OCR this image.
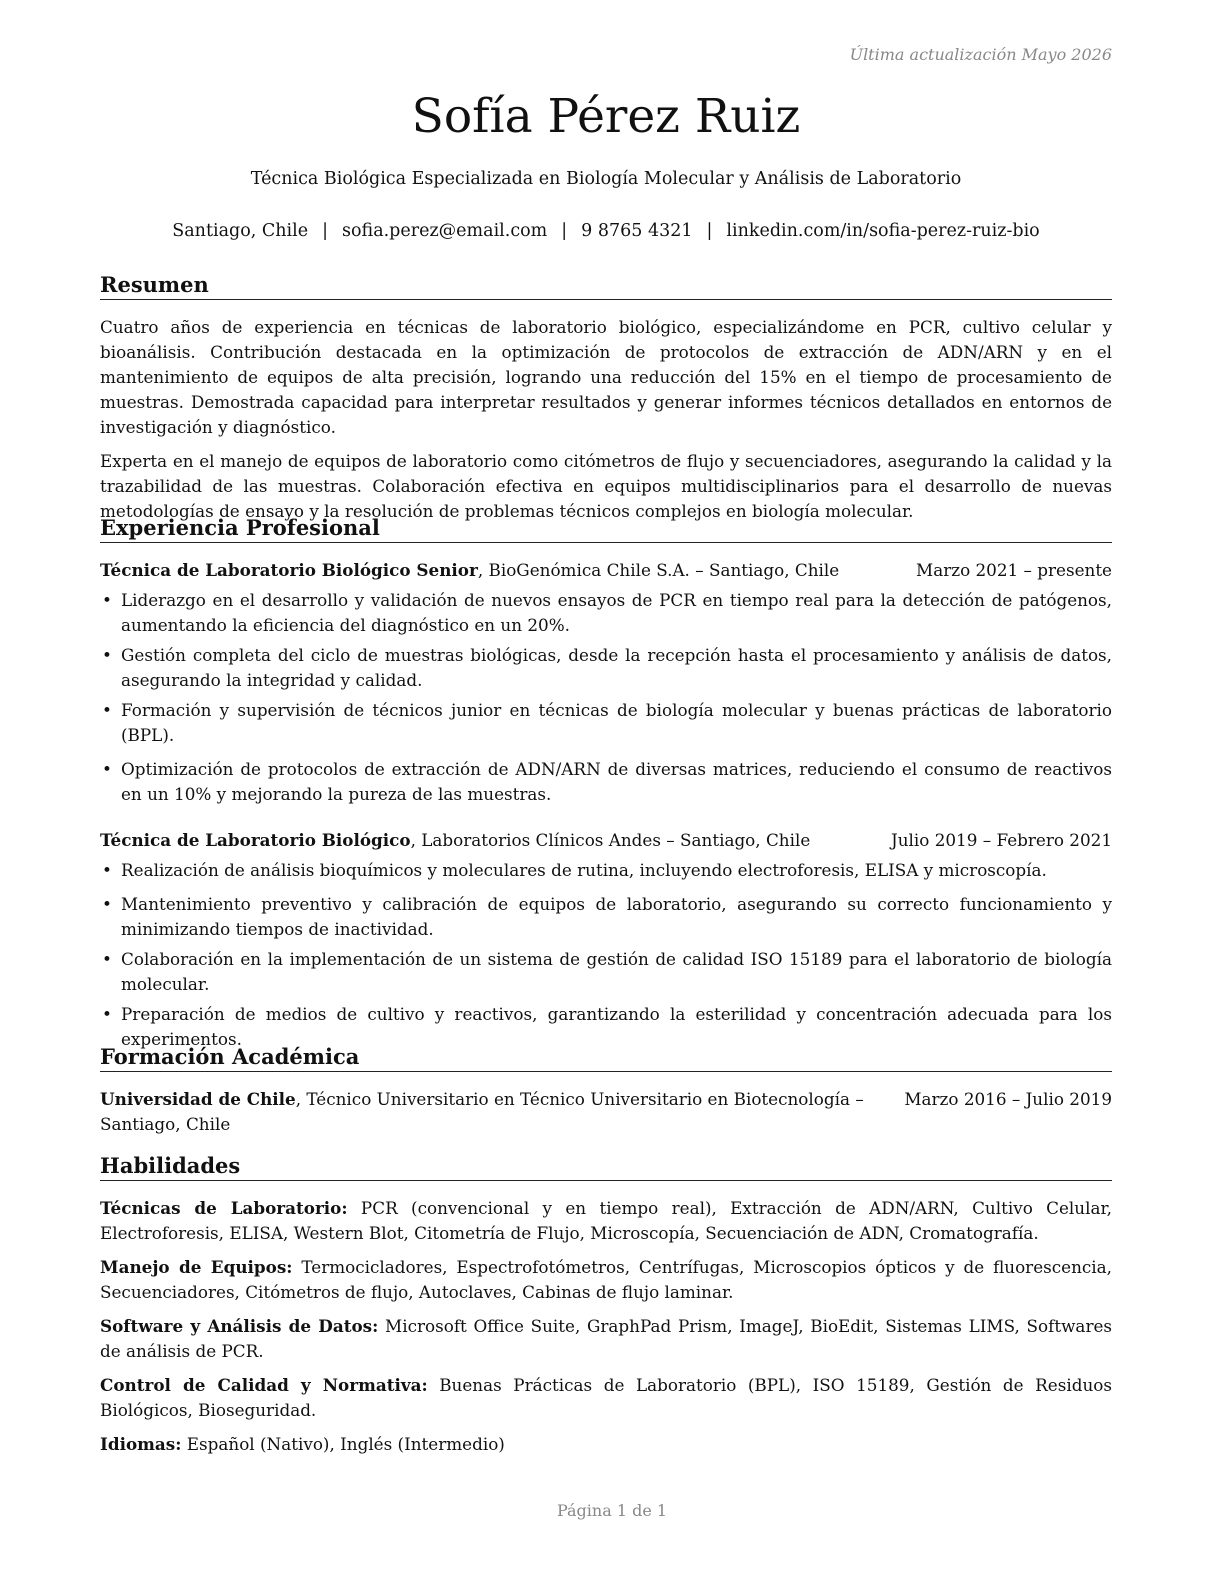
Última actualización Mayo 2026
Sofía Pérez Ruiz
Técnica Biológica Especializada en Biología Molecular y Análisis de Laboratorio
Santiago, Chile | sofia.perez@email.com | 9 8765 4321 | linkedin.com/in/sofia-perez-ruiz-bio
Resumen

Cuatro años de experiencia en técnicas de laboratorio biológico, especializándome en PCR, cultivo celular y bioanálisis. Contribución destacada en la optimización de protocolos de extracción de ADN/ARN y en el mantenimiento de equipos de alta precisión, logrando una reducción del 15% en el tiempo de procesamiento de muestras. Demostrada capacidad para interpretar resultados y generar informes técnicos detallados en entornos de investigación y diagnóstico.

Experta en el manejo de equipos de laboratorio como citómetros de flujo y secuenciadores, asegurando la calidad y la trazabilidad de las muestras. Colaboración efectiva en equipos multidisciplinarios para el desarrollo de nuevas metodologías de ensayo y la resolución de problemas técnicos complejos en biología molecular.

Experiencia Profesional
Técnica de Laboratorio Biológico Senior, BioGenómica Chile S.A. – Santiago, Chile	Marzo 2021 – presente
• Liderazgo en el desarrollo y validación de nuevos ensayos de PCR en tiempo real para la detección de patógenos, aumentando la eficiencia del diagnóstico en un 20%.
• Gestión completa del ciclo de muestras biológicas, desde la recepción hasta el procesamiento y análisis de datos, asegurando la integridad y calidad.
• Formación y supervisión de técnicos junior en técnicas de biología molecular y buenas prácticas de laboratorio (BPL).
• Optimización de protocolos de extracción de ADN/ARN de diversas matrices, reduciendo el consumo de reactivos en un 10% y mejorando la pureza de las muestras.
Técnica de Laboratorio Biológico, Laboratorios Clínicos Andes – Santiago, Chile	Julio 2019 – Febrero 2021
• Realización de análisis bioquímicos y moleculares de rutina, incluyendo electroforesis, ELISA y microscopía.
• Mantenimiento preventivo y calibración de equipos de laboratorio, asegurando su correcto funcionamiento y minimizando tiempos de inactividad.
• Colaboración en la implementación de un sistema de gestión de calidad ISO 15189 para el laboratorio de biología molecular.
• Preparación de medios de cultivo y reactivos, garantizando la esterilidad y concentración adecuada para los experimentos.
Formación Académica
Universidad de Chile, Técnico Universitario en Técnico Universitario en Biotecnología – Santiago, Chile
Marzo 2016 – Julio 2019
Habilidades

Técnicas de Laboratorio: PCR (convencional y en tiempo real), Extracción de ADN/ARN, Cultivo Celular, Electroforesis, ELISA, Western Blot, Citometría de Flujo, Microscopía, Secuenciación de ADN, Cromatografía.

Manejo de Equipos: Termocicladores, Espectrofotómetros, Centrífugas, Microscopios ópticos y de fluorescencia, Secuenciadores, Citómetros de flujo, Autoclaves, Cabinas de flujo laminar.

Software y Análisis de Datos: Microsoft Office Suite, GraphPad Prism, ImageJ, BioEdit, Sistemas LIMS, Softwares de análisis de PCR.

Control de Calidad y Normativa: Buenas Prácticas de Laboratorio (BPL), ISO 15189, Gestión de Residuos Biológicos, Bioseguridad.

Idiomas: Español (Nativo), Inglés (Intermedio)

Página 1 de 1
